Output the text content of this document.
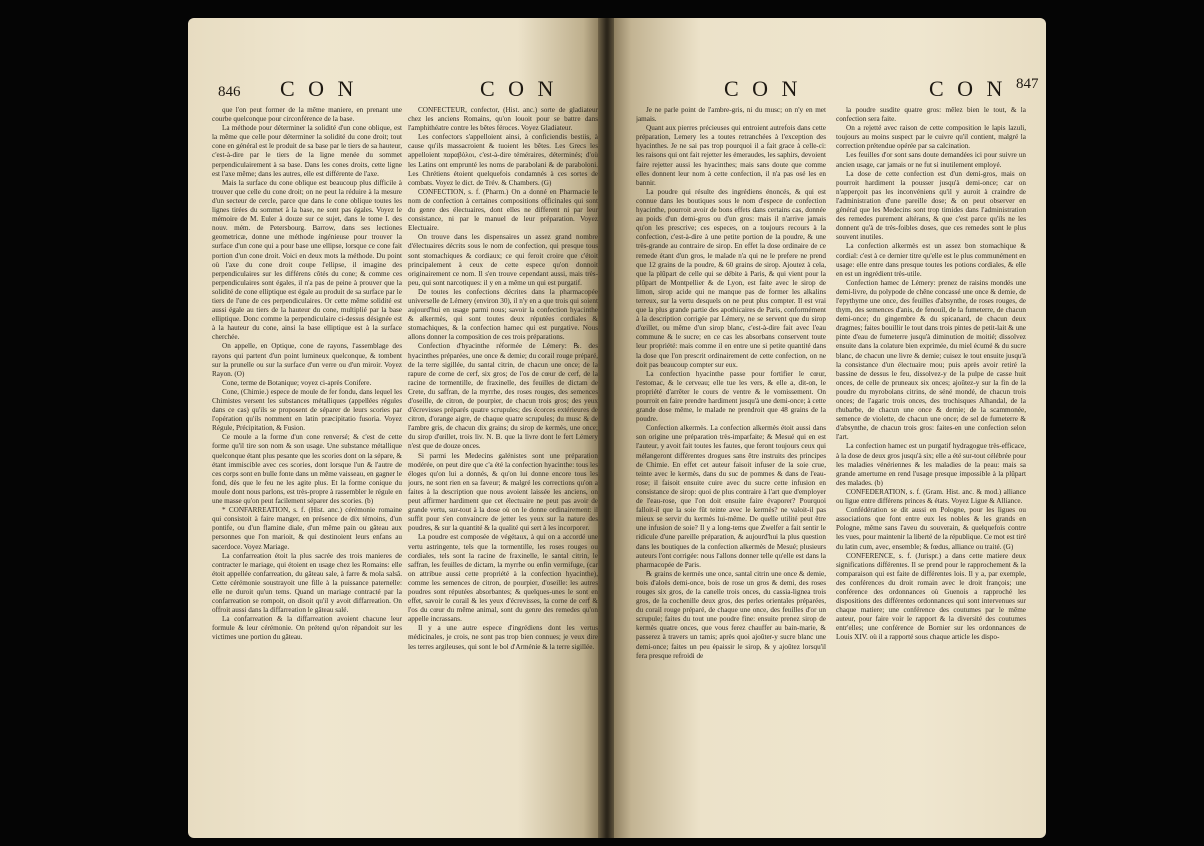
846 C O N	C O N

que l'on peut former de la même maniere, en prenant une courbe quelconque pour circonférence de la base.

La méthode pour déterminer la solidité d'un cone oblique, est la même que celle pour déterminer la solidité du cone droit; tout cone en général est le produit de sa base par le tiers de sa hauteur, c'est-à-dire par le tiers de la ligne menée du sommet perpendiculairement à sa base. Dans les cones droits, cette ligne est l'axe même; dans les autres, elle est différente de l'axe.

Mais la surface du cone oblique est beaucoup plus difficile à trouver que celle du cone droit; on ne peut la réduire à la mesure d'un secteur de cercle, parce que dans le cone oblique toutes les lignes tirées du sommet à la base, ne sont pas égales. Voyez le mémoire de M. Euler à douze sur ce sujet, dans le tome I. des nouv. mém. de Petersbourg. Barrow, dans ses lectiones geometricæ, donne une méthode ingénieuse pour trouver la surface d'un cone qui a pour base une ellipse, lorsque ce cone fait portion d'un cone droit. Voici en deux mots la méthode. Du point où l'axe du cone droit coupe l'ellipse, il imagine des perpendiculaires sur les différens côtés du cone; & comme ces perpendiculaires sont égales, il n'a pas de peine à prouver que la solidité de cone elliptique est égale au produit de sa surface par le tiers de l'une de ces perpendiculaires. Or cette même solidité est aussi égale au tiers de la hauteur du cone, multiplié par la base elliptique. Donc comme la perpendiculaire ci-dessus désignée est à la hauteur du cone, ainsi la base elliptique est à la surface cherchée.

On appelle, en Optique, cone de rayons, l'assemblage des rayons qui partent d'un point lumineux quelconque, & tombent sur la prunelle ou sur la surface d'un verre ou d'un miroir. Voyez Rayon. (O)

Cone, terme de Botanique; voyez ci-après Conifere.

Cone, (Chimie.) espece de moule de fer fondu, dans lequel les Chimistes versent les substances métalliques (appellées régules dans ce cas) qu'ils se proposent de séparer de leurs scories par l'opération qu'ils nomment en latin præcipitatio fusoria. Voyez Régule, Précipitation, & Fusion.

Ce moule a la forme d'un cone renversé; & c'est de cette forme qu'il tire son nom & son usage. Une substance métallique quelconque étant plus pesante que les scories dont on la sépare, & étant immiscible avec ces scories, dont lorsque l'un & l'autre de ces corps sont en bulle fonte dans un même vaisseau, en gagner le fond, dès que le feu ne les agite plus. Et la forme conique du moule dont nous parlons, est très-propre à rassembler le régule en une masse qu'on peut facilement séparer des scories. (b)

* CONFARREATION, s. f. (Hist. anc.) cérémonie romaine qui consistoit à faire manger, en présence de dix témoins, d'un pontife, ou d'un flamine diale, d'un même pain ou gâteau aux personnes que l'on marioit, & qui destinoient leurs enfans au sacerdoce. Voyez Mariage.

La confarreation étoit la plus sacrée des trois manieres de contracter le mariage, qui étoient en usage chez les Romains: elle étoit appellée confarreation, du gâteau sale, à farre & mola salsâ. Cette cérémonie soustrayoit une fille à la puissance paternelle: elle ne duroit qu'un tems. Quand un mariage contracté par la confarreation se rompoit, on disoit qu'il y avoit diffarreation. On offroit aussi dans la diffarreation le gâteau salé.

La confarreation & la diffarreation avoient chacune leur formule & leur cérémonie. On prétend qu'on répandoit sur les victimes une portion du gâteau.

CONFECTEUR, confector, (Hist. anc.) sorte de gladiateur chez les anciens Romains, qu'on louoit pour se battre dans l'amphithéatre contre les bêtes féroces. Voyez Gladiateur.

Les confectors s'appelloient ainsi, à conficiendis bestiis, à cause qu'ils massacroient & tuoient les bêtes. Les Grecs les appelloient παραβόλοι, c'est-à-dire téméraires, déterminés; d'où les Latins ont emprunté les noms de parabolani & de paraboloni. Les Chrétiens étoient quelquefois condamnés à ces sortes de combats. Voyez le dict. de Trév. & Chambers. (G)

CONFECTION, s. f. (Pharm.) On a donné en Pharmacie le nom de confection à certaines compositions officinales qui sont du genre des électuaires, dont elles ne different ni par leur consistance, ni par le manuel de leur préparation. Voyez Electuaire.

On trouve dans les dispensaires un assez grand nombre d'électuaires décrits sous le nom de confection, qui presque tous sont stomachiques & cordiaux; ce qui feroit croire que c'étoit principalement à ceux de cette espece qu'on donnoit originairement ce nom. Il s'en trouve cependant aussi, mais très-peu, qui sont narcotiques: il y en a même un qui est purgatif.

De toutes les confections décrites dans la pharmacopée universelle de Lémery (environ 30), il n'y en a que trois qui soient aujourd'hui en usage parmi nous; savoir la confection hyacinthe & alkermès, qui sont toutes deux réputées cordiales & stomachiques, & la confection hamec qui est purgative. Nous allons donner la composition de ces trois préparations.

Confection d'hyacinthe réformée de Lémery: ℞. des hyacinthes préparées, une once & demie; du corail rouge préparé, de la terre sigillée, du santal citrin, de chacun une once; de la rapure de corne de cerf, six gros; de l'os de cœur de cerf, de la racine de tormentille, de fraxinelle, des feuilles de dictam de Crete, du saffran, de la myrrhe, des roses rouges, des semences d'oseille, de citron, de pourpier, de chacun trois gros; des yeux d'écrevisses préparés quatre scrupules; des écorces extérieures de citron, d'orange aigre, de chaque quatre scrupules; du musc & de l'ambre gris, de chacun dix grains; du sirop de kermès, une once; du sirop d'œillet, trois liv. N. B. que la livre dont le fert Lémery n'est que de douze onces.

Si parmi les Medecins galénistes sont une préparation modérée, on peut dire que c'a été la confection hyacinthe: tous les éloges qu'on lui a donnés, & qu'on lui donne encore tous les jours, ne sont rien en sa faveur; & malgré les corrections qu'on a faites à la description que nous avoient laissée les anciens, on peut affirmer hardiment que cet électuaire ne peut pas avoir de grande vertu, sur-tout à la dose où on le donne ordinairement: il suffit pour s'en convaincre de jetter les yeux sur la nature des poudres, & sur la quantité & la qualité qui sert à les incorporer.

La poudre est composée de végétaux, à qui on a accordé une vertu astringente, tels que la tormentille, les roses rouges ou cordiales, tels sont la racine de fraxinelle, le santal citrin, le saffran, les feuilles de dictam, la myrrhe ou enfin vermifuge, (car on attribue aussi cette propriété à la confection hyacinthe), comme les semences de citron, de pourpier, d'oseille: les autres poudres sont réputées absorbantes; & quelques-unes le sont en effet, savoir le corail & les yeux d'écrevisses, la corne de cerf & l'os du cœur du même animal, sont du genre des remedes qu'on appelle incrassans.

Il y a une autre espece d'ingrédiens dont les vertus médicinales, je crois, ne sont pas trop bien connues; je veux dire les terres argileuses, qui sont le bol d'Arménie & la terre sigillée.

C O N	C O N 847

Je ne parle point de l'ambre-gris, ni du musc; on n'y en met jamais.

Quant aux pierres précieuses qui entroient autrefois dans cette préparation, Lemery les a toutes retranchées à l'exception des hyacinthes. Je ne sai pas trop pourquoi il a fait grace à celle-ci: les raisons qui ont fait rejetter les émeraudes, les saphirs, devoient faire rejetter aussi les hyacinthes; mais sans doute que comme elles donnent leur nom à cette confection, il n'a pas osé les en bannir.

La poudre qui résulte des ingrédiens énoncés, & qui est connue dans les boutiques sous le nom d'espece de confection hyacinthe, pourroit avoir de bons effets dans certains cas, donnée au poids d'un demi-gros ou d'un gros: mais il n'arrive jamais qu'on les prescrive; ces especes, on a toujours recours à la confection, c'est-à-dire à une petite portion de la poudre, & une très-grande au contraire de sirop. En effet la dose ordinaire de ce remede étant d'un gros, le malade n'a qui ne le prefere ne prend que 12 grains de la poudre, & 60 grains de sirop. Ajoutez à cela, que la plûpart de celle qui se débite à Paris, & qui vient pour la plûpart de Montpellier & de Lyon, est faite avec le sirop de limon, sirop acide qui ne manque pas de former les alkalins terreux, sur la vertu desquels on ne peut plus compter. Il est vrai que la plus grande partie des apothicaires de Paris, conformément à la description corrigée par Lémery, ne se servent que du sirop d'œillet, ou même d'un sirop blanc, c'est-à-dire fait avec l'eau commune & le sucre; en ce cas les absorbans conservent toute leur propriété: mais comme il en entre une si petite quantité dans la dose que l'on prescrit ordinairement de cette confection, on ne doit pas beaucoup compter sur eux.

La confection hyacinthe passe pour fortifier le cœur, l'estomac, & le cerveau; elle tue les vers, & elle a, dit-on, le propriété d'arrêter le cours de ventre & le vomissement. On pourroit en faire prendre hardiment jusqu'à une demi-once; à cette grande dose même, le malade ne prendroit que 48 grains de la poudre.

Confection alkermès. La confection alkermès étoit aussi dans son origine une préparation très-imparfaite; & Mesué qui en est l'auteur, y avoit fait toutes les fautes, que feront toujours ceux qui mélangeront différentes drogues sans être instruits des principes de Chimie. En effet cet auteur faisoit infuser de la soie crue, teinte avec le kermès, dans du suc de pommes & dans de l'eau-rose; il faisoit ensuite cuire avec du sucre cette infusion en consistance de sirop: quoi de plus contraire à l'art que d'employer de l'eau-rose, que l'on doit ensuite faire évaporer? Pourquoi falloit-il que la soie fût teinte avec le kermès? ne valoit-il pas mieux se servir du kermès lui-même. De quelle utilité peut être une infusion de soie? Il y a long-tems que Zwelfer a fait sentir le ridicule d'une pareille préparation, & aujourd'hui la plus question dans les boutiques de la confection alkermès de Mesué; plusieurs auteurs l'ont corrigée: nous l'allons donner telle qu'elle est dans la pharmacopée de Paris.

℞ grains de kermès une once, santal citrin une once & demie, bois d'aloës demi-once, bois de rose un gros & demi, des roses rouges six gros, de la canelle trois onces, du cassia-lignea trois gros, de la cochenille deux gros, des perles orientales préparées, du corail rouge préparé, de chaque une once, des feuilles d'or un scrupule; faites du tout une poudre fine: ensuite prenez sirop de kermès quatre onces, que vous ferez chauffer au bain-marie, & passerez à travers un tamis; après quoi ajoûter-y sucre blanc une demi-once; faites un peu épaissir le sirop, & y ajoûtez lorsqu'il fera presque refroidi de

la poudre susdite quatre gros: mêlez bien le tout, & la confection sera faite.

On a rejetté avec raison de cette composition le lapis lazuli, toujours au moins suspect par le cuivre qu'il contient, malgré la correction prétendue opérée par sa calcination.

Les feuilles d'or sont sans doute demandées ici pour suivre un ancien usage, car jamais or ne fut si inutilement employé.

La dose de cette confection est d'un demi-gros, mais on pourroit hardiment la pousser jusqu'à demi-once; car on n'apperçoit pas les inconvéniens qu'il y auroit à craindre de l'administration d'une pareille dose; & on peut observer en général que les Medecins sont trop timides dans l'administration des remedes purement altérans, & que c'est parce qu'ils ne les donnent qu'à de très-foibles doses, que ces remedes sont le plus souvent inutiles.

La confection alkermès est un assez bon stomachique & cordial: c'est à ce dernier titre qu'elle est le plus communément en usage: elle entre dans presque toutes les potions cordiales, & elle en est un ingrédient très-utile.

Confection hamec de Lémery: prenez de raisins mondés une demi-livre, du polypode de chêne concassé une once & demie, de l'epythyme une once, des feuilles d'absynthe, de roses rouges, de thym, des semences d'anis, de fenouil, de la fumeterre, de chacun demi-once; du gingembre & du spicanard, de chacun deux dragmes; faites bouillir le tout dans trois pintes de petit-lait & une pinte d'eau de fumeterre jusqu'à diminution de moitié; dissolvez ensuite dans la colature bien exprimée, du miel écumé & du sucre blanc, de chacun une livre & demie; cuisez le tout ensuite jusqu'à la consistance d'un électuaire mou; puis après avoir retiré la bassine de dessus le feu, dissolvez-y de la pulpe de casse huit onces, de celle de pruneaux six onces; ajoûtez-y sur la fin de la poudre du myrobolans citrins, de séné mondé, de chacun trois onces; de l'agaric trois onces, des trochisques Alhandal, de la rhubarbe, de chacun une once & demie; de la scammonée, semence de violette, de chacun une once; de sel de fumeterre & d'absynthe, de chacun trois gros: faites-en une confection selon l'art.

La confection hamec est un purgatif hydragogue très-efficace, à la dose de deux gros jusqu'à six; elle a été sur-tout célébrée pour les maladies vénériennes & les maladies de la peau: mais sa grande amertume en rend l'usage presque impossible à la plûpart des malades. (b)

CONFEDERATION, s. f. (Gram. Hist. anc. & mod.) alliance ou ligue entre différens princes & états. Voyez Ligue & Alliance.

Confédération se dit aussi en Pologne, pour les ligues ou associations que font entre eux les nobles & les grands en Pologne, même sans l'aveu du souverain, & quelquefois contre les vues, pour maintenir la liberté de la république. Ce mot est tiré du latin cum, avec, ensemble; & fœdus, alliance ou traité. (G)

CONFERENCE, s. f. (Jurispr.) a dans cette matiere deux significations différentes. Il se prend pour le rapprochement & la comparaison qui est faite de différentes lois. Il y a, par exemple, des conférences du droit romain avec le droit françois; une conférence des ordonnances où Guenois a rapproché les dispositions des différentes ordonnances qui sont intervenues sur chaque matiere; une conférence des coutumes par le même auteur, pour faire voir le rapport & la diversité des coutumes entr'elles; une conférence de Bornier sur les ordonnances de Louis XIV. où il a rapporté sous chaque article les dispo-
